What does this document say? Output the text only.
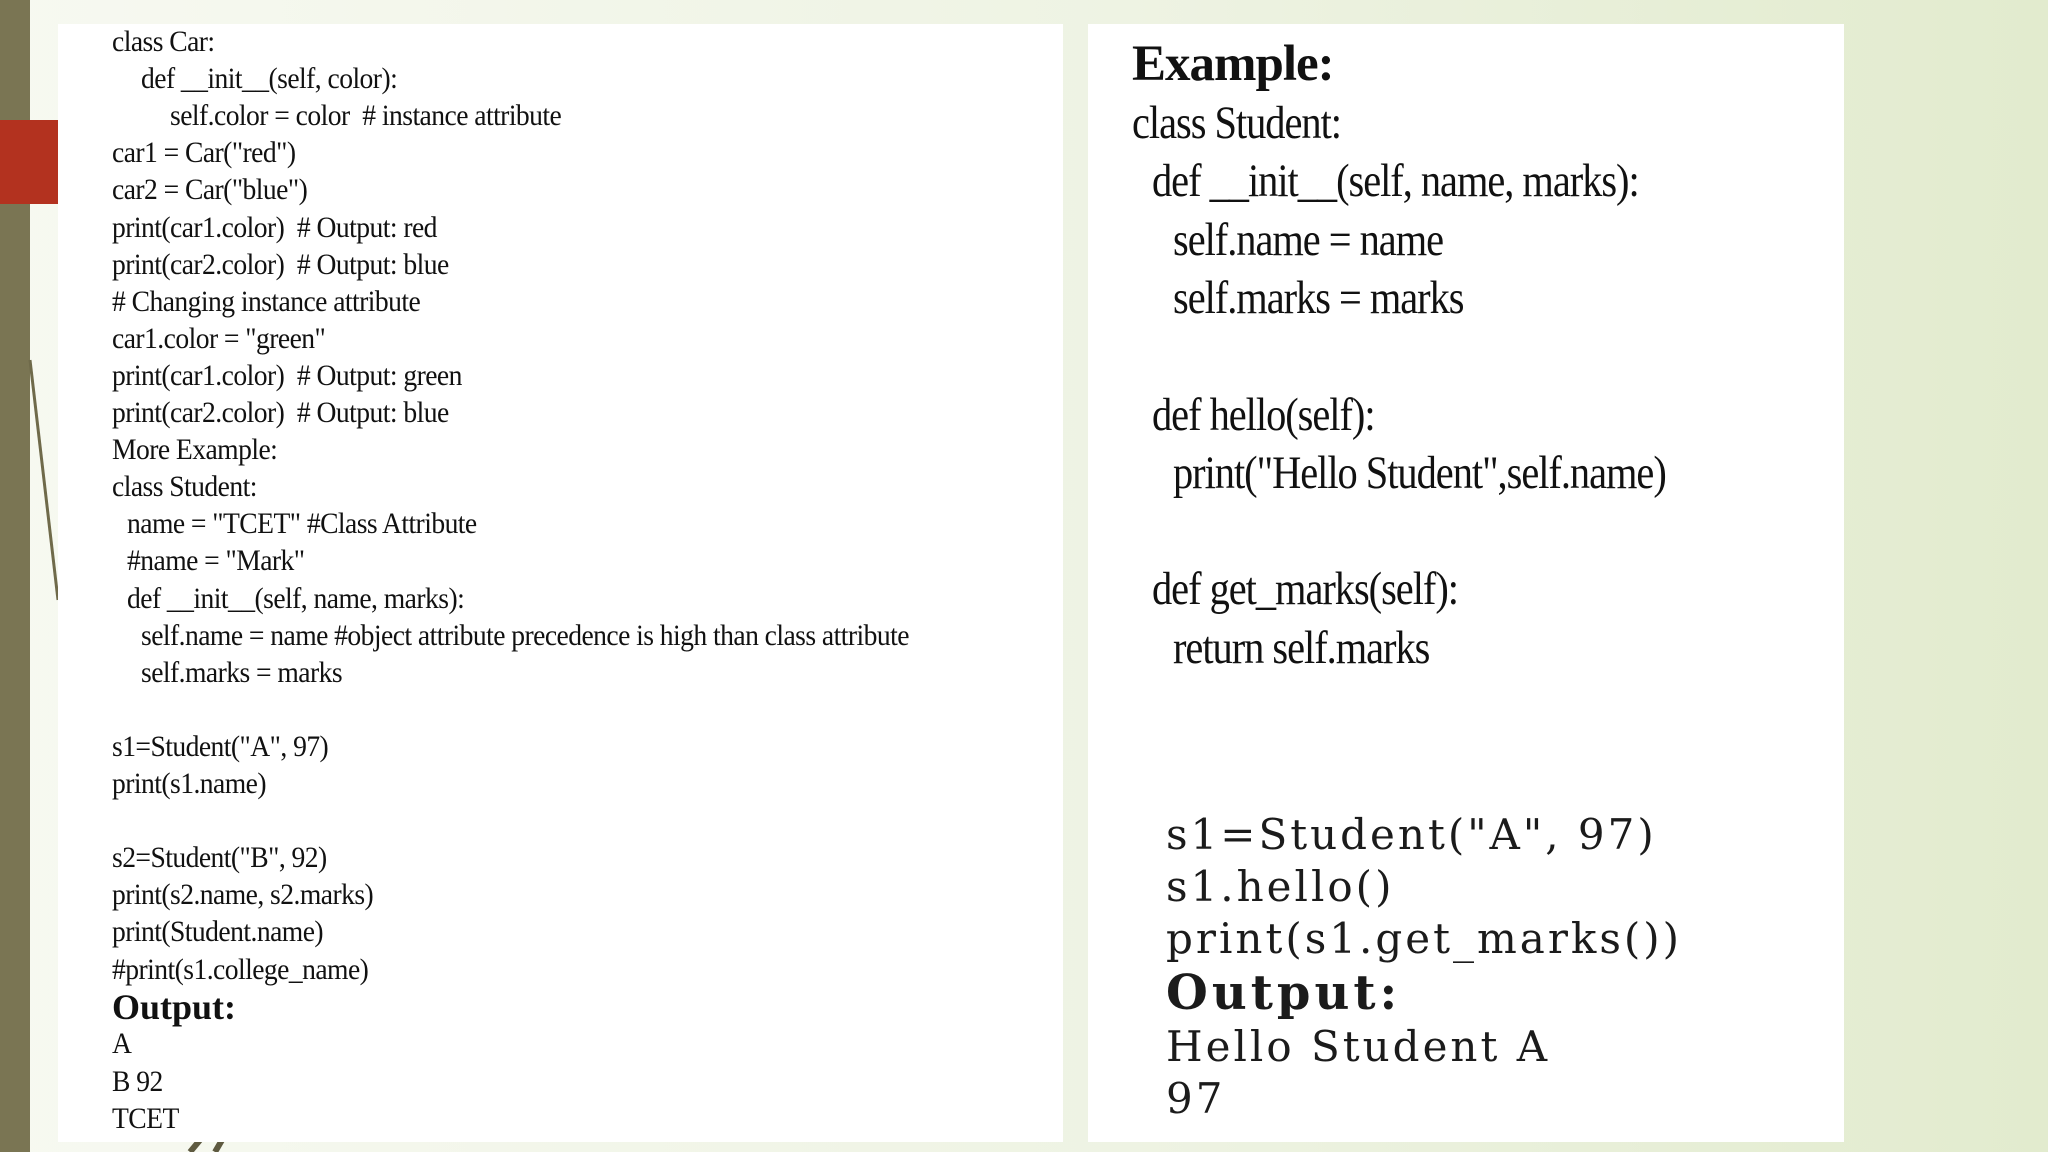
class Car:
def __init__(self, color):
self.color = color  # instance attribute
car1 = Car("red")
car2 = Car("blue")
print(car1.color)  # Output: red
print(car2.color)  # Output: blue
# Changing instance attribute
car1.color = "green"
print(car1.color)  # Output: green
print(car2.color)  # Output: blue
More Example:
class Student:
name = "TCET" #Class Attribute
#name = "Mark"
def __init__(self, name, marks):
self.name = name #object attribute precedence is high than class attribute
self.marks = marks
s1=Student("A", 97)
print(s1.name)
s2=Student("B", 92)
print(s2.name, s2.marks)
print(Student.name)
#print(s1.college_name)
Output:
A
B 92
TCET
Example:
class Student:
def __init__(self, name, marks):
self.name = name
self.marks = marks
def hello(self):
print("Hello Student",self.name)
def get_marks(self):
return self.marks
s1=Student("A", 97)
s1.hello()
print(s1.get_marks())
Output:
Hello Student A
97
